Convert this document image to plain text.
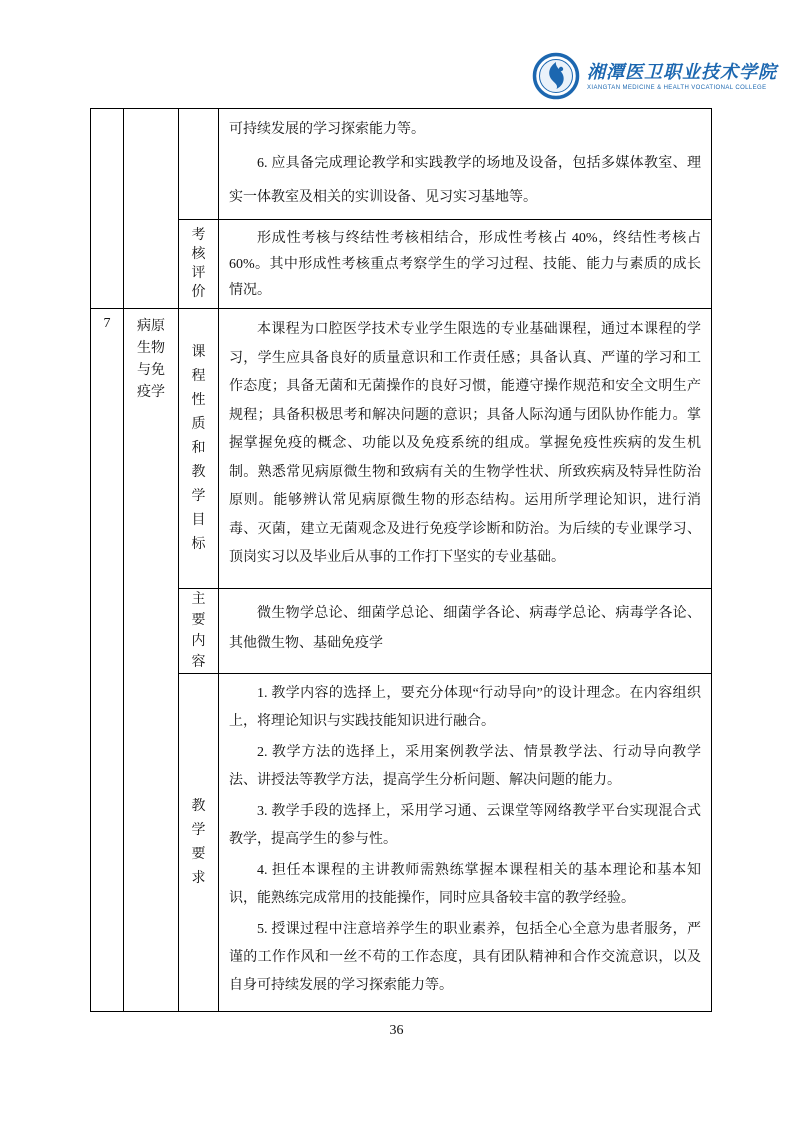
湘潭医卫职业技术学院
XIANGTAN MEDICINE & HEALTH VOCATIONAL COLLEGE

			可持续发展的学习探索能力等。

6. 应具备完成理论教学和实践教学的场地及设备，包括多媒体教室、理实一体教室及相关的实训设备、见习实习基地等。

		考核评价	形成性考核与终结性考核相结合，形成性考核占 40%，终结性考核占 60%。其中形成性考核重点考察学生的学习过程、技能、能力与素质的成长情况。

7	病原生物与免疫学	课程性质和教学目标	本课程为口腔医学技术专业学生限选的专业基础课程，通过本课程的学习，学生应具备良好的质量意识和工作责任感；具备认真、严谨的学习和工作态度；具备无菌和无菌操作的良好习惯，能遵守操作规范和安全文明生产规程；具备积极思考和解决问题的意识；具备人际沟通与团队协作能力。掌握掌握免疫的概念、功能以及免疫系统的组成。掌握免疫性疾病的发生机制。熟悉常见病原微生物和致病有关的生物学性状、所致疾病及特异性防治原则。能够辨认常见病原微生物的形态结构。运用所学理论知识，进行消毒、灭菌，建立无菌观念及进行免疫学诊断和防治。为后续的专业课学习、顶岗实习以及毕业后从事的工作打下坚实的专业基础。

		主要内容	微生物学总论、细菌学总论、细菌学各论、病毒学总论、病毒学各论、其他微生物、基础免疫学

		教学要求	1. 教学内容的选择上，要充分体现“行动导向”的设计理念。在内容组织上，将理论知识与实践技能知识进行融合。

2. 教学方法的选择上，采用案例教学法、情景教学法、行动导向教学法、讲授法等教学方法，提高学生分析问题、解决问题的能力。

3. 教学手段的选择上，采用学习通、云课堂等网络教学平台实现混合式教学，提高学生的参与性。

4. 担任本课程的主讲教师需熟练掌握本课程相关的基本理论和基本知识，能熟练完成常用的技能操作，同时应具备较丰富的教学经验。

5. 授课过程中注意培养学生的职业素养，包括全心全意为患者服务，严谨的工作作风和一丝不苟的工作态度，具有团队精神和合作交流意识，以及自身可持续发展的学习探索能力等。

36
